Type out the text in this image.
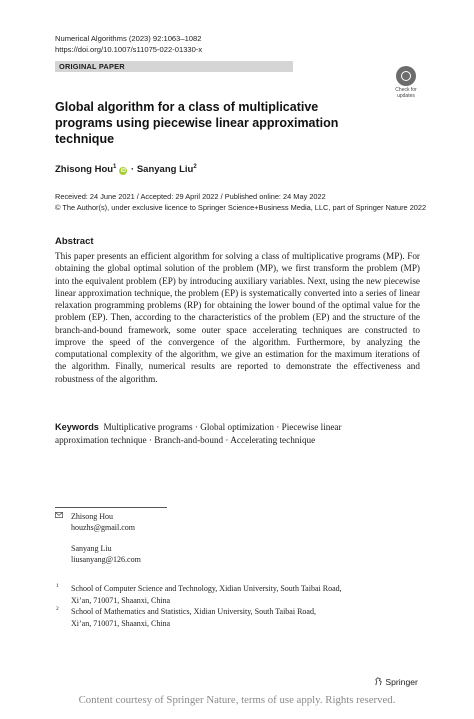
Numerical Algorithms (2023) 92:1063–1082
https://doi.org/10.1007/s11075-022-01330-x
ORIGINAL PAPER
Check for
updates
Global algorithm for a class of multiplicative programs using piecewise linear approximation technique
Zhisong Hou$^1$iD · Sanyang Liu$^2$
Received: 24 June 2021 / Accepted: 29 April 2022 / Published online: 24 May 2022
© The Author(s), under exclusive licence to Springer Science+Business Media, LLC, part of Springer Nature 2022
Abstract
This paper presents an efficient algorithm for solving a class of multiplicative programs (MP). For obtaining the global optimal solution of the problem (MP), we first transform the problem (MP) into the equivalent problem (EP) by introducing auxiliary variables. Next, using the new piecewise linear approximation technique, the problem (EP) is systematically converted into a series of linear relaxation programming problems (RP) for obtaining the lower bound of the optimal value for the problem (EP). Then, according to the characteristics of the problem (EP) and the structure of the branch-and-bound framework, some outer space accelerating techniques are constructed to improve the speed of the convergence of the algorithm. Furthermore, by analyzing the computational complexity of the algorithm, we give an estimation for the maximum iterations of the algorithm. Finally, numerical results are reported to demonstrate the effectiveness and robustness of the algorithm.
Keywords Multiplicative programs · Global optimization · Piecewise linear approximation technique · Branch-and-bound · Accelerating technique
Zhisong Hou
houzhs@gmail.com
Sanyang Liu
liusanyang@126.com
1 School of Computer Science and Technology, Xidian University, South Taibai Road,
Xi’an, 710071, Shaanxi, China
2 School of Mathematics and Statistics, Xidian University, South Taibai Road,
Xi’an, 710071, Shaanxi, China
Springer
Content courtesy of Springer Nature, terms of use apply. Rights reserved.
